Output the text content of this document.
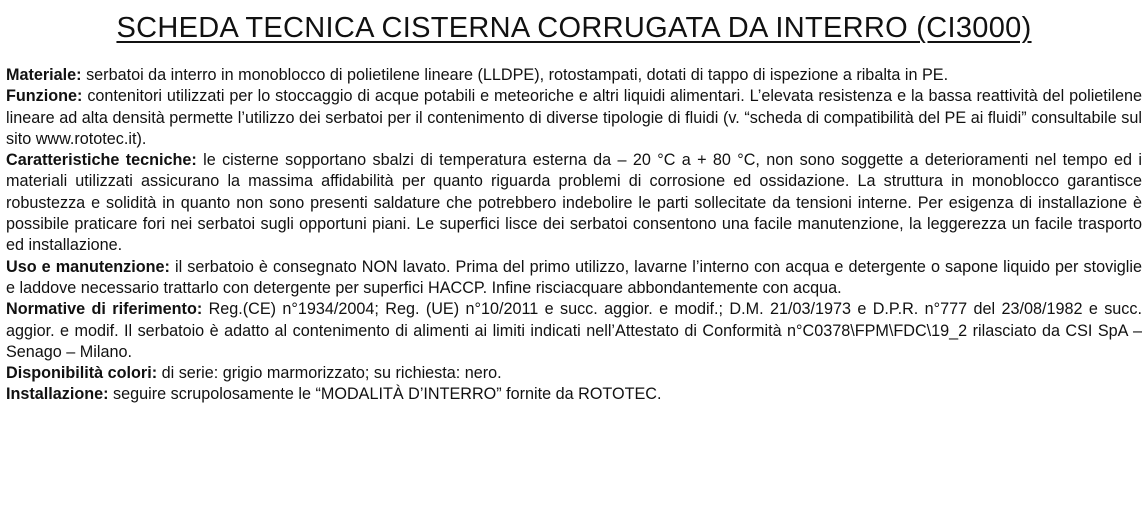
SCHEDA TECNICA CISTERNA CORRUGATA DA INTERRO (CI3000)

Materiale: serbatoi da interro in monoblocco di polietilene lineare (LLDPE), rotostampati, dotati di tappo di ispezione a ribalta in PE.

Funzione: contenitori utilizzati per lo stoccaggio di acque potabili e meteoriche e altri liquidi alimentari. L’elevata resistenza e la bassa reattività del polietilene lineare ad alta densità permette l’utilizzo dei serbatoi per il contenimento di diverse tipologie di fluidi (v. “scheda di compatibilità del PE ai fluidi” consultabile sul sito www.rototec.it).

Caratteristiche tecniche: le cisterne sopportano sbalzi di temperatura esterna da – 20 °C a + 80 °C, non sono soggette a deterioramenti nel tempo ed i materiali utilizzati assicurano la massima affidabilità per quanto riguarda problemi di corrosione ed ossidazione. La struttura in monoblocco garantisce robustezza e solidità in quanto non sono presenti saldature che potrebbero indebolire le parti sollecitate da tensioni interne. Per esigenza di installazione è possibile praticare fori nei serbatoi sugli opportuni piani. Le superfici lisce dei serbatoi consentono una facile manutenzione, la leggerezza un facile trasporto ed installazione.

Uso e manutenzione: il serbatoio è consegnato NON lavato. Prima del primo utilizzo, lavarne l’interno con acqua e detergente o sapone liquido per stoviglie e laddove necessario trattarlo con detergente per superfici HACCP. Infine risciacquare abbondantemente con acqua.

Normative di riferimento: Reg.(CE) n°1934/2004; Reg. (UE) n°10/2011 e succ. aggior. e modif.; D.M. 21/03/1973 e D.P.R. n°777 del 23/08/1982 e succ. aggior. e modif. Il serbatoio è adatto al contenimento di alimenti ai limiti indicati nell’Attestato di Conformità n°C0378\FPM\FDC\19_2 rilasciato da CSI SpA – Senago – Milano.

Disponibilità colori: di serie: grigio marmorizzato; su richiesta: nero.

Installazione: seguire scrupolosamente le “MODALITÀ D’INTERRO” fornite da ROTOTEC.
